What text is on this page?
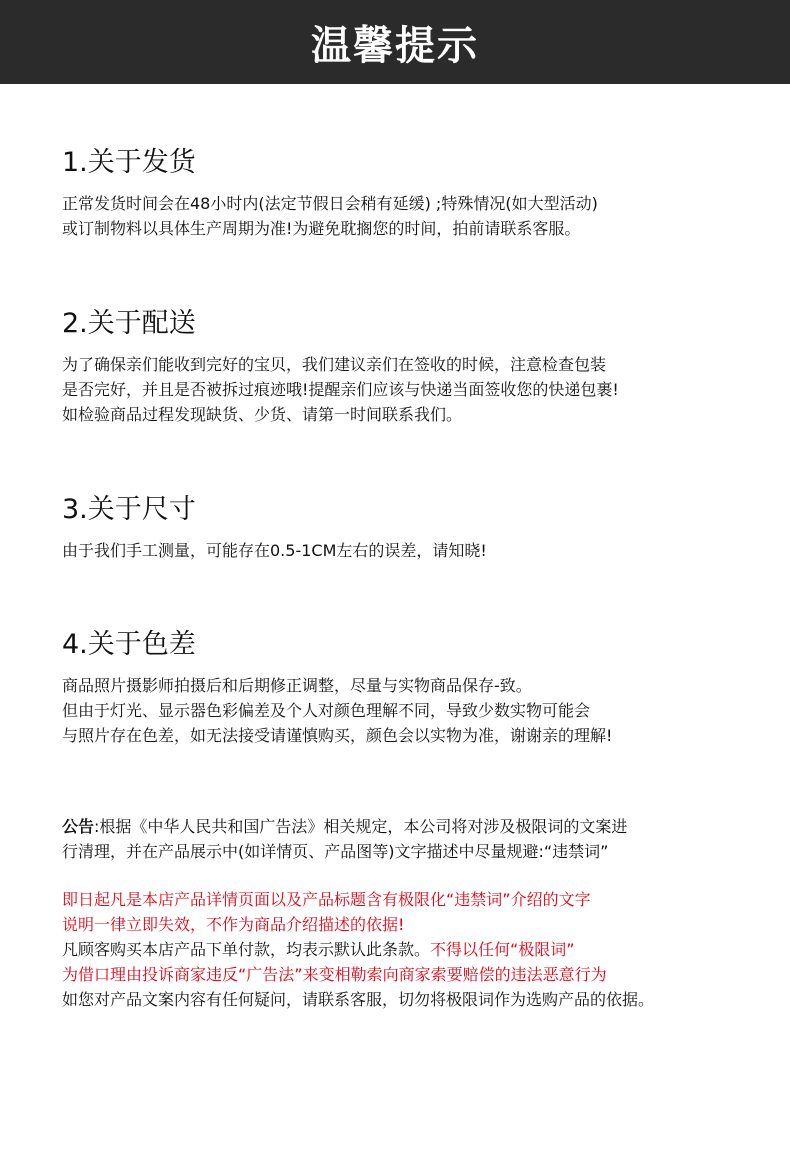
温馨提示
1.关于发货
正常发货时间会在48小时内(法定节假日会稍有延缓) ;特殊情况(如大型活动)
或订制物料以具体生产周期为准!为避免耽搁您的时间，拍前请联系客服。
2.关于配送
为了确保亲们能收到完好的宝贝，我们建议亲们在签收的时候，注意检查包装
是否完好，并且是否被拆过痕迹哦!提醒亲们应该与快递当面签收您的快递包裹!
如检验商品过程发现缺货、少货、请第一时间联系我们。
3.关于尺寸
由于我们手工测量，可能存在0.5-1CM左右的误差，请知晓!
4.关于色差
商品照片摄影师拍摄后和后期修正调整，尽量与实物商品保存-致。
但由于灯光、显示器色彩偏差及个人对颜色理解不同，导致少数实物可能会
与照片存在色差，如无法接受请谨慎购买，颜色会以实物为准，谢谢亲的理解!
公告:根据《中华人民共和国广告法》相关规定，本公司将对涉及极限词的文案进
行清理，并在产品展示中(如详情页、产品图等)文字描述中尽量规避:“违禁词”
即日起凡是本店产品详情页面以及产品标题含有极限化“违禁词”介绍的文字
说明一律立即失效，不作为商品介绍描述的依据!
凡顾客购买本店产品下单付款，均表示默认此条款。不得以任何“极限词”
为借口理由投诉商家违反“广告法”来变相勒索向商家索要赔偿的违法恶意行为
如您对产品文案内容有任何疑问，请联系客服，切勿将极限词作为选购产品的依据。
